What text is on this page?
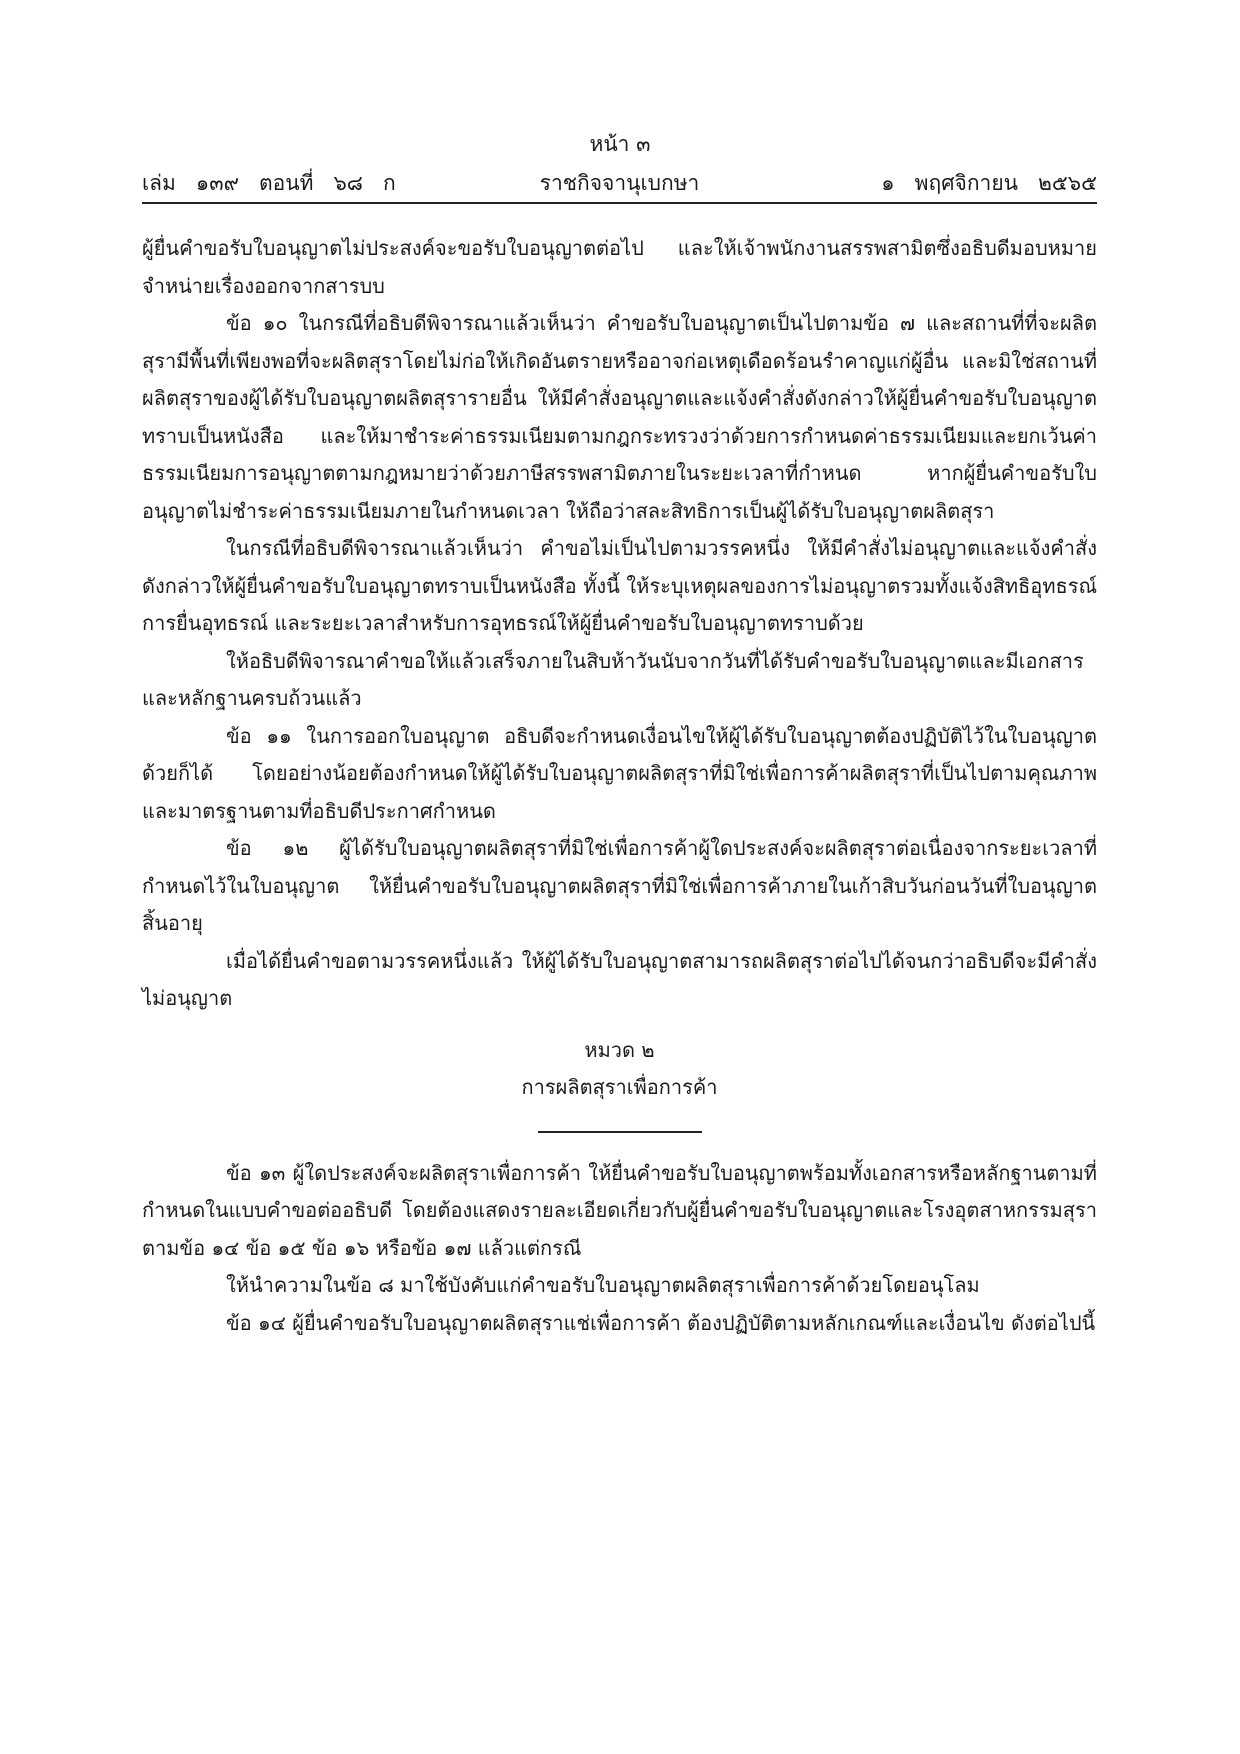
หน้า ๓
เล่ม   ๑๓๙   ตอนที่   ๖๘   ก	ราชกิจจานุเบกษา	๑   พฤศจิกายน   ๒๕๖๕

ผู้ยื่นคำขอรับใบอนุญาตไม่ประสงค์จะขอรับใบอนุญาตต่อไป และให้เจ้าพนักงานสรรพสามิตซึ่งอธิบดีมอบหมายจำหน่ายเรื่องออกจากสารบบ

ข้อ ๑๐ ในกรณีที่อธิบดีพิจารณาแล้วเห็นว่า คำขอรับใบอนุญาตเป็นไปตามข้อ ๗ และสถานที่ที่จะผลิตสุรามีพื้นที่เพียงพอที่จะผลิตสุราโดยไม่ก่อให้เกิดอันตรายหรืออาจก่อเหตุเดือดร้อนรำคาญแก่ผู้อื่น และมิใช่สถานที่ผลิตสุราของผู้ได้รับใบอนุญาตผลิตสุรารายอื่น ให้มีคำสั่งอนุญาตและแจ้งคำสั่งดังกล่าวให้ผู้ยื่นคำขอรับใบอนุญาตทราบเป็นหนังสือ และให้มาชำระค่าธรรมเนียมตามกฎกระทรวงว่าด้วยการกำหนดค่าธรรมเนียมและยกเว้นค่าธรรมเนียมการอนุญาตตามกฎหมายว่าด้วยภาษีสรรพสามิตภายในระยะเวลาที่กำหนด หากผู้ยื่นคำขอรับใบอนุญาตไม่ชำระค่าธรรมเนียมภายในกำหนดเวลา ให้ถือว่าสละสิทธิการเป็นผู้ได้รับใบอนุญาตผลิตสุรา

ในกรณีที่อธิบดีพิจารณาแล้วเห็นว่า คำขอไม่เป็นไปตามวรรคหนึ่ง ให้มีคำสั่งไม่อนุญาตและแจ้งคำสั่งดังกล่าวให้ผู้ยื่นคำขอรับใบอนุญาตทราบเป็นหนังสือ ทั้งนี้ ให้ระบุเหตุผลของการไม่อนุญาตรวมทั้งแจ้งสิทธิอุทธรณ์ การยื่นอุทธรณ์ และระยะเวลาสำหรับการอุทธรณ์ให้ผู้ยื่นคำขอรับใบอนุญาตทราบด้วย

ให้อธิบดีพิจารณาคำขอให้แล้วเสร็จภายในสิบห้าวันนับจากวันที่ได้รับคำขอรับใบอนุญาตและมีเอกสารและหลักฐานครบถ้วนแล้ว

ข้อ ๑๑ ในการออกใบอนุญาต อธิบดีจะกำหนดเงื่อนไขให้ผู้ได้รับใบอนุญาตต้องปฏิบัติไว้ในใบอนุญาตด้วยก็ได้ โดยอย่างน้อยต้องกำหนดให้ผู้ได้รับใบอนุญาตผลิตสุราที่มิใช่เพื่อการค้าผลิตสุราที่เป็นไปตามคุณภาพและมาตรฐานตามที่อธิบดีประกาศกำหนด

ข้อ ๑๒ ผู้ได้รับใบอนุญาตผลิตสุราที่มิใช่เพื่อการค้าผู้ใดประสงค์จะผลิตสุราต่อเนื่องจากระยะเวลาที่กำหนดไว้ในใบอนุญาต ให้ยื่นคำขอรับใบอนุญาตผลิตสุราที่มิใช่เพื่อการค้าภายในเก้าสิบวันก่อนวันที่ใบอนุญาตสิ้นอายุ

เมื่อได้ยื่นคำขอตามวรรคหนึ่งแล้ว ให้ผู้ได้รับใบอนุญาตสามารถผลิตสุราต่อไปได้จนกว่าอธิบดีจะมีคำสั่งไม่อนุญาต

หมวด ๒
การผลิตสุราเพื่อการค้า

ข้อ ๑๓ ผู้ใดประสงค์จะผลิตสุราเพื่อการค้า ให้ยื่นคำขอรับใบอนุญาตพร้อมทั้งเอกสารหรือหลักฐานตามที่กำหนดในแบบคำขอต่ออธิบดี โดยต้องแสดงรายละเอียดเกี่ยวกับผู้ยื่นคำขอรับใบอนุญาตและโรงอุตสาหกรรมสุราตามข้อ ๑๔ ข้อ ๑๕ ข้อ ๑๖ หรือข้อ ๑๗ แล้วแต่กรณี

ให้นำความในข้อ ๘ มาใช้บังคับแก่คำขอรับใบอนุญาตผลิตสุราเพื่อการค้าด้วยโดยอนุโลม

ข้อ ๑๔ ผู้ยื่นคำขอรับใบอนุญาตผลิตสุราแช่เพื่อการค้า ต้องปฏิบัติตามหลักเกณฑ์และเงื่อนไข ดังต่อไปนี้
